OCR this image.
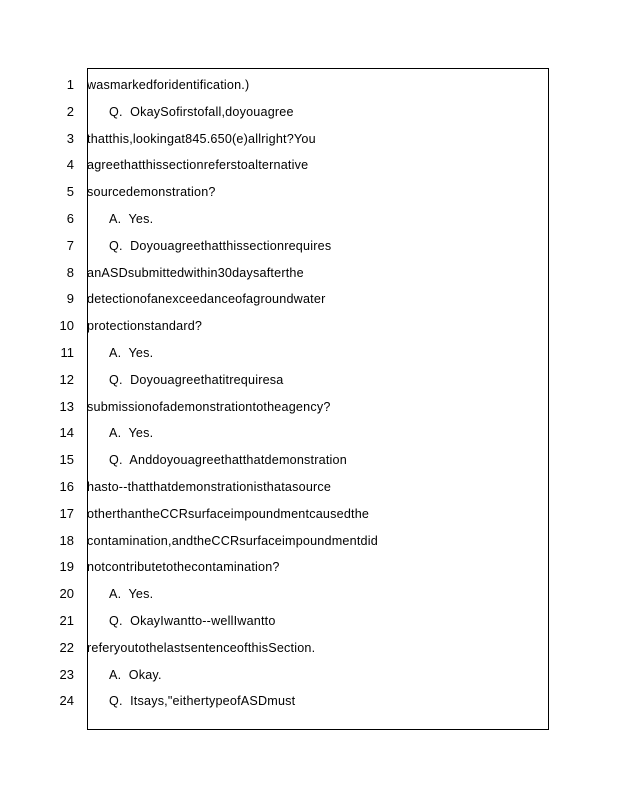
1
2
3
4
5
6
7
8
9
10
11
12
13
14
15
16
17
18
19
20
21
22
23
24
wasmarkedforidentification.)
Q.  OkaySofirstofall,doyouagree
thatthis,lookingat845.650(e)allright?You
agreethatthissectionreferstoalternative
sourcedemonstration?
A.  Yes.
Q.  Doyouagreethatthissectionrequires
anASDsubmittedwithin30daysafterthe
detectionofanexceedanceofagroundwater
protectionstandard?
A.  Yes.
Q.  Doyouagreethatitrequiresa
submissionofademonstrationtotheagency?
A.  Yes.
Q.  Anddoyouagreethatthatdemonstration
hasto--thatthatdemonstrationisthatasource
otherthantheCCRsurfaceimpoundmentcausedthe
contamination,andtheCCRsurfaceimpoundmentdid
notcontributetothecontamination?
A.  Yes.
Q.  OkayIwantto--wellIwantto
referyoutothelastsentenceofthisSection.
A.  Okay.
Q.  Itsays,"eithertypeofASDmust
